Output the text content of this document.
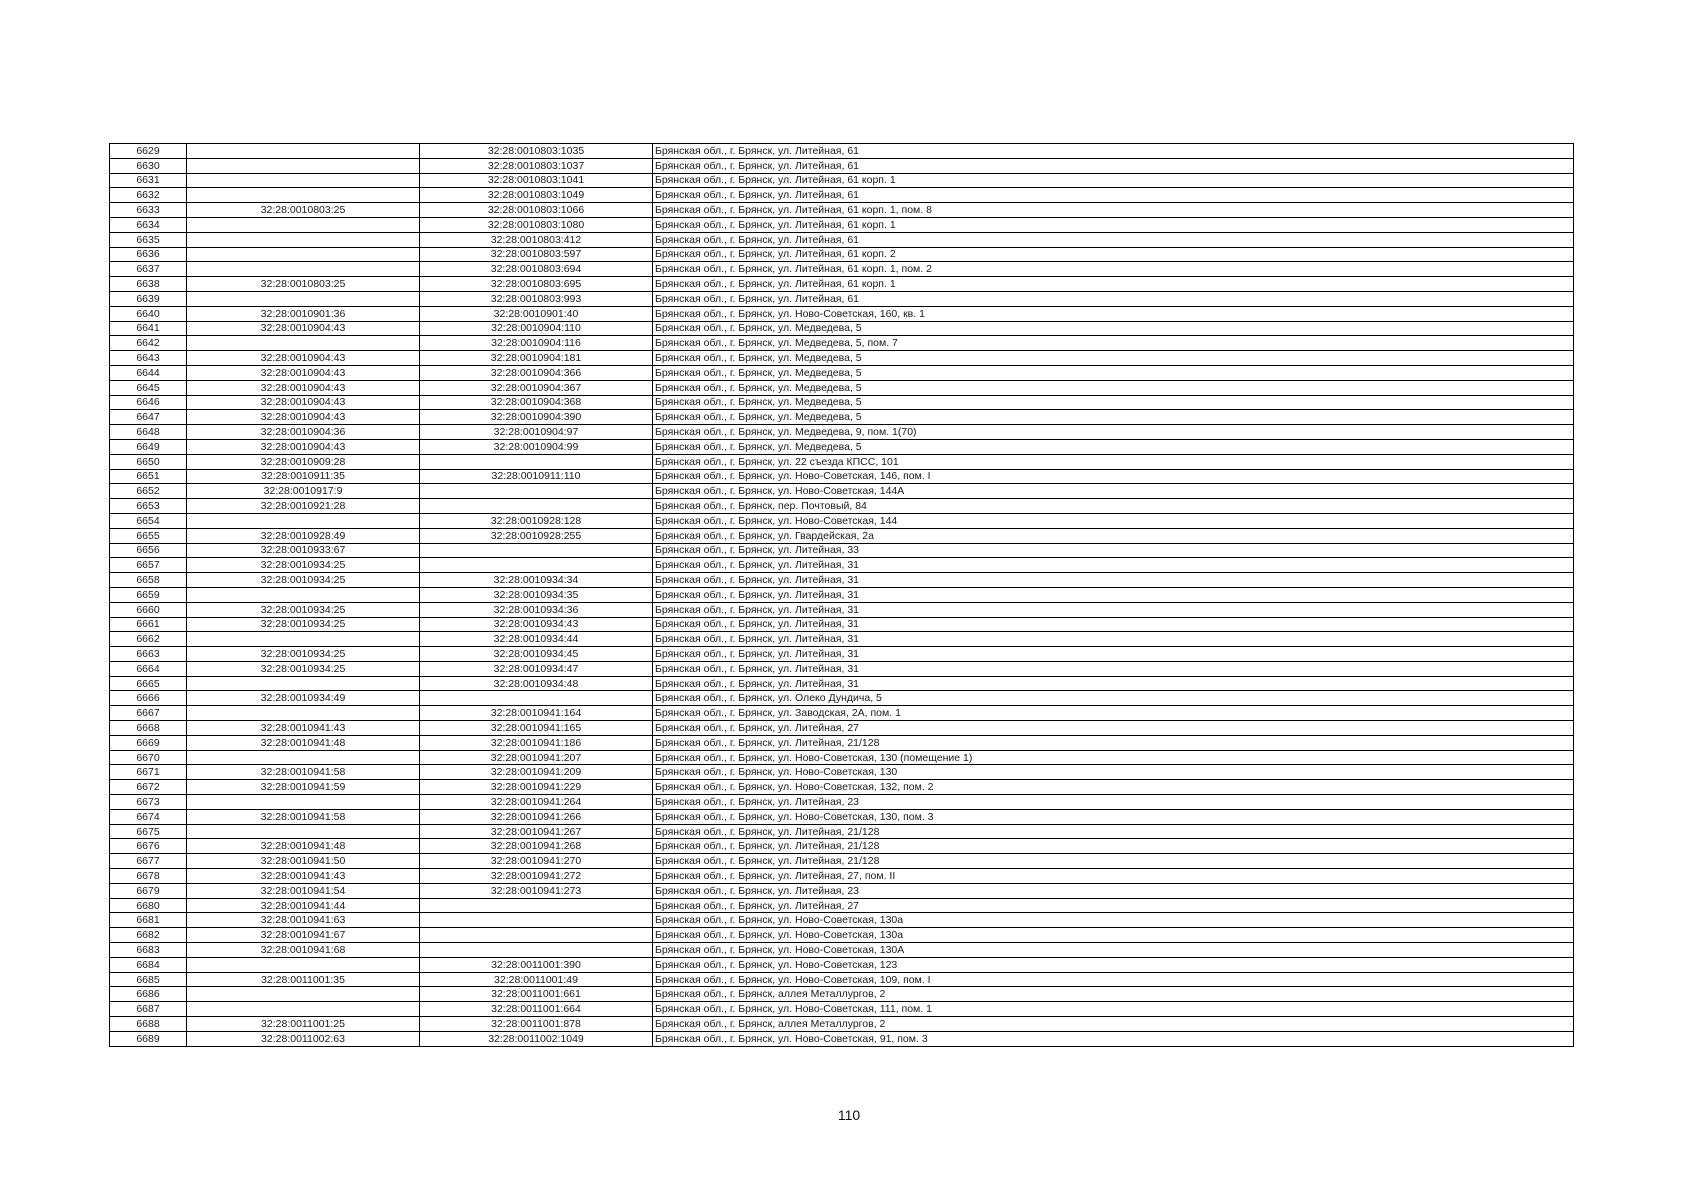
6629		32:28:0010803:1035	Брянская обл., г. Брянск, ул. Литейная, 61
6630		32:28:0010803:1037	Брянская обл., г. Брянск, ул. Литейная, 61
6631		32:28:0010803:1041	Брянская обл., г. Брянск, ул. Литейная, 61 корп. 1
6632		32:28:0010803:1049	Брянская обл., г. Брянск, ул. Литейная, 61
6633	32:28:0010803:25	32:28:0010803:1066	Брянская обл., г. Брянск, ул. Литейная, 61 корп. 1, пом. 8
6634		32:28:0010803:1080	Брянская обл., г. Брянск, ул. Литейная, 61 корп. 1
6635		32:28:0010803:412	Брянская обл., г. Брянск, ул. Литейная, 61
6636		32:28:0010803:597	Брянская обл., г. Брянск, ул. Литейная, 61 корп. 2
6637		32:28:0010803:694	Брянская обл., г. Брянск, ул. Литейная, 61 корп. 1, пом. 2
6638	32:28:0010803:25	32:28:0010803:695	Брянская обл., г. Брянск, ул. Литейная, 61 корп. 1
6639		32:28:0010803:993	Брянская обл., г. Брянск, ул. Литейная, 61
6640	32:28:0010901:36	32:28:0010901:40	Брянская обл., г. Брянск, ул. Ново-Советская, 160, кв. 1
6641	32:28:0010904:43	32:28:0010904:110	Брянская обл., г. Брянск, ул. Медведева, 5
6642		32:28:0010904:116	Брянская обл., г. Брянск, ул. Медведева, 5, пом. 7
6643	32:28:0010904:43	32:28:0010904:181	Брянская обл., г. Брянск, ул. Медведева, 5
6644	32:28:0010904:43	32:28:0010904:366	Брянская обл., г. Брянск, ул. Медведева, 5
6645	32:28:0010904:43	32:28:0010904:367	Брянская обл., г. Брянск, ул. Медведева, 5
6646	32:28:0010904:43	32:28:0010904:368	Брянская обл., г. Брянск, ул. Медведева, 5
6647	32:28:0010904:43	32:28:0010904:390	Брянская обл., г. Брянск, ул. Медведева, 5
6648	32:28:0010904:36	32:28:0010904:97	Брянская обл., г. Брянск, ул. Медведева, 9, пом. 1(70)
6649	32:28:0010904:43	32:28:0010904:99	Брянская обл., г. Брянск, ул. Медведева, 5
6650	32:28:0010909:28		Брянская обл., г. Брянск, ул. 22 съезда КПСС, 101
6651	32:28:0010911:35	32:28:0010911:110	Брянская обл., г. Брянск, ул. Ново-Советская, 146, пом. I
6652	32:28:0010917:9		Брянская обл., г. Брянск, ул. Ново-Советская, 144А
6653	32:28:0010921:28		Брянская обл., г. Брянск, пер. Почтовый, 84
6654		32:28:0010928:128	Брянская обл., г. Брянск, ул. Ново-Советская, 144
6655	32:28:0010928:49	32:28:0010928:255	Брянская обл., г. Брянск, ул. Гвардейская, 2а
6656	32:28:0010933:67		Брянская обл., г. Брянск, ул. Литейная, 33
6657	32:28:0010934:25		Брянская обл., г. Брянск, ул. Литейная, 31
6658	32:28:0010934:25	32:28:0010934:34	Брянская обл., г. Брянск, ул. Литейная, 31
6659		32:28:0010934:35	Брянская обл., г. Брянск, ул. Литейная, 31
6660	32:28:0010934:25	32:28:0010934:36	Брянская обл., г. Брянск, ул. Литейная, 31
6661	32:28:0010934:25	32:28:0010934:43	Брянская обл., г. Брянск, ул. Литейная, 31
6662		32:28:0010934:44	Брянская обл., г. Брянск, ул. Литейная, 31
6663	32:28:0010934:25	32:28:0010934:45	Брянская обл., г. Брянск, ул. Литейная, 31
6664	32:28:0010934:25	32:28:0010934:47	Брянская обл., г. Брянск, ул. Литейная, 31
6665		32:28:0010934:48	Брянская обл., г. Брянск, ул. Литейная, 31
6666	32:28:0010934:49		Брянская обл., г. Брянск, ул. Олеко Дундича, 5
6667		32:28:0010941:164	Брянская обл., г. Брянск, ул. Заводская, 2А, пом. 1
6668	32:28:0010941:43	32:28:0010941:165	Брянская обл., г. Брянск, ул. Литейная, 27
6669	32:28:0010941:48	32:28:0010941:186	Брянская обл., г. Брянск, ул. Литейная, 21/128
6670		32:28:0010941:207	Брянская обл., г. Брянск, ул. Ново-Советская, 130 (помещение 1)
6671	32:28:0010941:58	32:28:0010941:209	Брянская обл., г. Брянск, ул. Ново-Советская, 130
6672	32:28:0010941:59	32:28:0010941:229	Брянская обл., г. Брянск, ул. Ново-Советская, 132, пом. 2
6673		32:28:0010941:264	Брянская обл., г. Брянск, ул. Литейная, 23
6674	32:28:0010941:58	32:28:0010941:266	Брянская обл., г. Брянск, ул. Ново-Советская, 130, пом. 3
6675		32:28:0010941:267	Брянская обл., г. Брянск, ул. Литейная, 21/128
6676	32:28:0010941:48	32:28:0010941:268	Брянская обл., г. Брянск, ул. Литейная, 21/128
6677	32:28:0010941:50	32:28:0010941:270	Брянская обл., г. Брянск, ул. Литейная, 21/128
6678	32:28:0010941:43	32:28:0010941:272	Брянская обл., г. Брянск, ул. Литейная, 27, пом. II
6679	32:28:0010941:54	32:28:0010941:273	Брянская обл., г. Брянск, ул. Литейная, 23
6680	32:28:0010941:44		Брянская обл., г. Брянск, ул. Литейная, 27
6681	32:28:0010941:63		Брянская обл., г. Брянск, ул. Ново-Советская, 130а
6682	32:28:0010941:67		Брянская обл., г. Брянск, ул. Ново-Советская, 130а
6683	32:28:0010941:68		Брянская обл., г. Брянск, ул. Ново-Советская, 130А
6684		32:28:0011001:390	Брянская обл., г. Брянск, ул. Ново-Советская, 123
6685	32:28:0011001:35	32:28:0011001:49	Брянская обл., г. Брянск, ул. Ново-Советская, 109, пом. I
6686		32:28:0011001:661	Брянская обл., г. Брянск, аллея Металлургов, 2
6687		32:28:0011001:664	Брянская обл., г. Брянск, ул. Ново-Советская, 111, пом. 1
6688	32:28:0011001:25	32:28:0011001:878	Брянская обл., г. Брянск, аллея Металлургов, 2
6689	32:28:0011002:63	32:28:0011002:1049	Брянская обл., г. Брянск, ул. Ново-Советская, 91, пом. 3
110
